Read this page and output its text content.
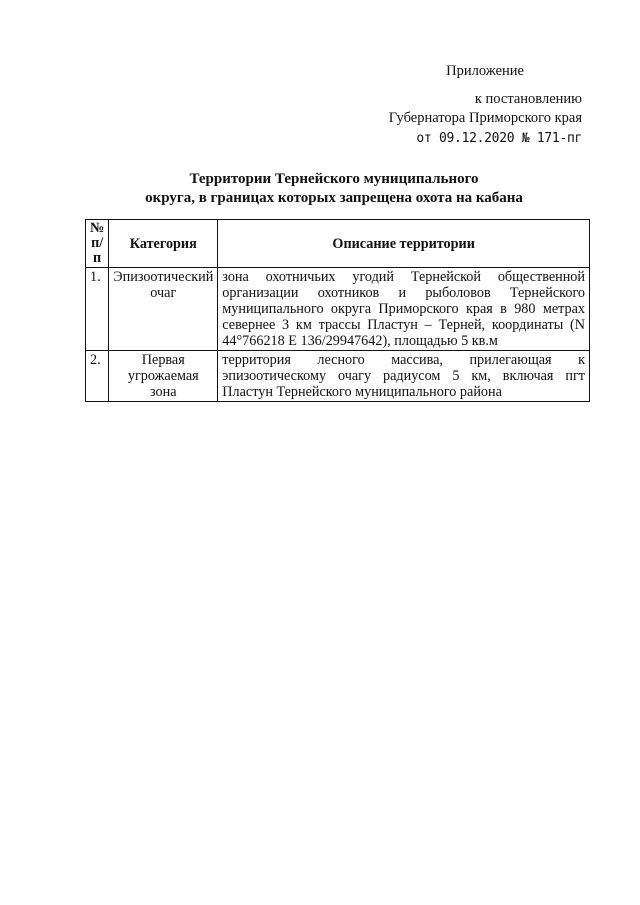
Приложение
к постановлению
Губернатора Приморского края
от 09.12.2020 № 171-пг
Территории Тернейского муниципального
округа, в границах которых запрещена охота на кабана
№
п/п	Категория	Описание территории
1.	Эпизоотический очаг	зона охотничьих угодий Тернейской общественной организации охотников и рыболовов Тернейского муниципального округа Приморского края в 980 метрах севернее 3 км трассы Пластун – Терней, координаты (N 44°766218 E 136/29947642), площадью 5 кв.м
2.	Первая угрожаемая зона	территория лесного массива, прилегающая к эпизоотическому очагу радиусом 5 км, включая пгт Пластун Тернейского муниципального района
